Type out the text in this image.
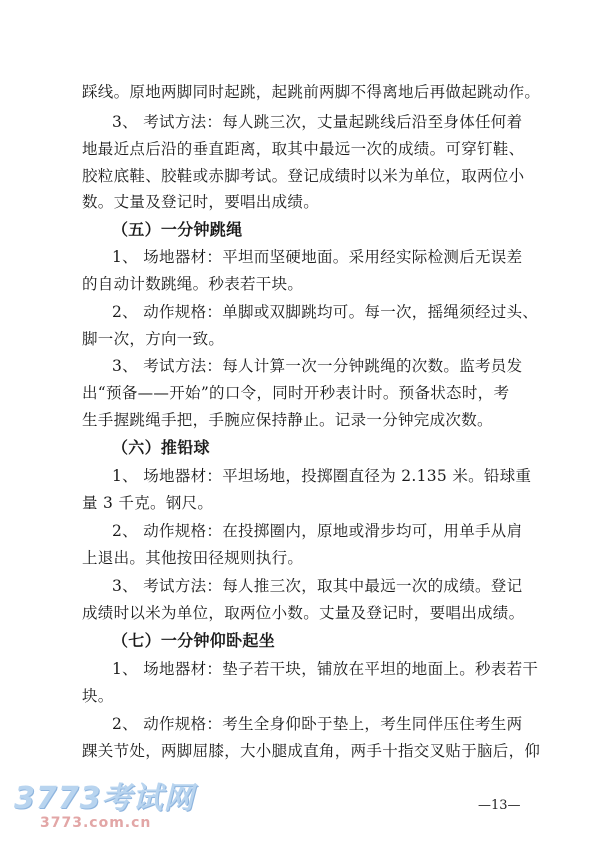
踩线。原地两脚同时起跳，起跳前两脚不得离地后再做起跳动作。
3、 考试方法：每人跳三次，丈量起跳线后沿至身体任何着
地最近点后沿的垂直距离，取其中最远一次的成绩。可穿钉鞋、
胶粒底鞋、胶鞋或赤脚考试。登记成绩时以米为单位，取两位小
数。丈量及登记时，要唱出成绩。
（五）一分钟跳绳
1、 场地器材：平坦而坚硬地面。采用经实际检测后无误差
的自动计数跳绳。秒表若干块。
2、 动作规格：单脚或双脚跳均可。每一次，摇绳须经过头、
脚一次，方向一致。
3、 考试方法：每人计算一次一分钟跳绳的次数。监考员发
出“预备——开始”的口令，同时开秒表计时。预备状态时，考
生手握跳绳手把，手腕应保持静止。记录一分钟完成次数。
（六）推铅球
1、 场地器材：平坦场地，投掷圈直径为 2.135 米。铅球重
量 3 千克。钢尺。
2、 动作规格：在投掷圈内，原地或滑步均可，用单手从肩
上退出。其他按田径规则执行。
3、 考试方法：每人推三次，取其中最远一次的成绩。登记
成绩时以米为单位，取两位小数。丈量及登记时，要唱出成绩。
（七）一分钟仰卧起坐
1、 场地器材：垫子若干块，铺放在平坦的地面上。秒表若干
块。
2、 动作规格：考生全身仰卧于垫上，考生同伴压住考生两
踝关节处，两脚屈膝，大小腿成直角，两手十指交叉贴于脑后，仰
—13—
3773考试网
3773.com.cn
